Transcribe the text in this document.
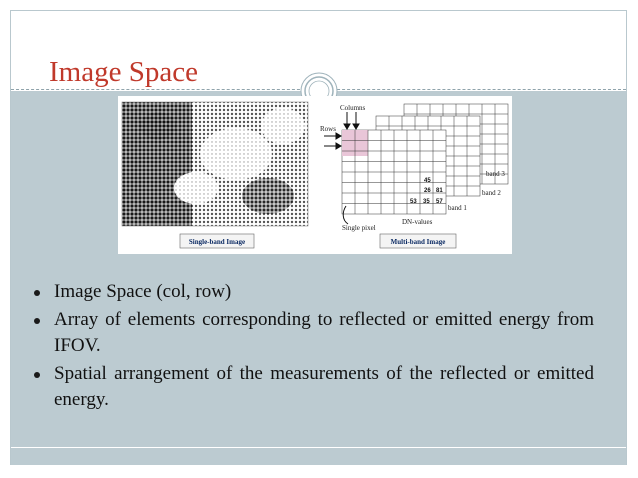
Image Space
Single-band Image	Multi-band Image
Columns
Rows
Single pixel
DN-values
band 1
band 2
band 3
45
26 81
53 35 57
Image Space (col, row)
Array of elements corresponding to reflected or emitted energy from IFOV.
Spatial arrangement of the measurements of the reflected or emitted energy.
